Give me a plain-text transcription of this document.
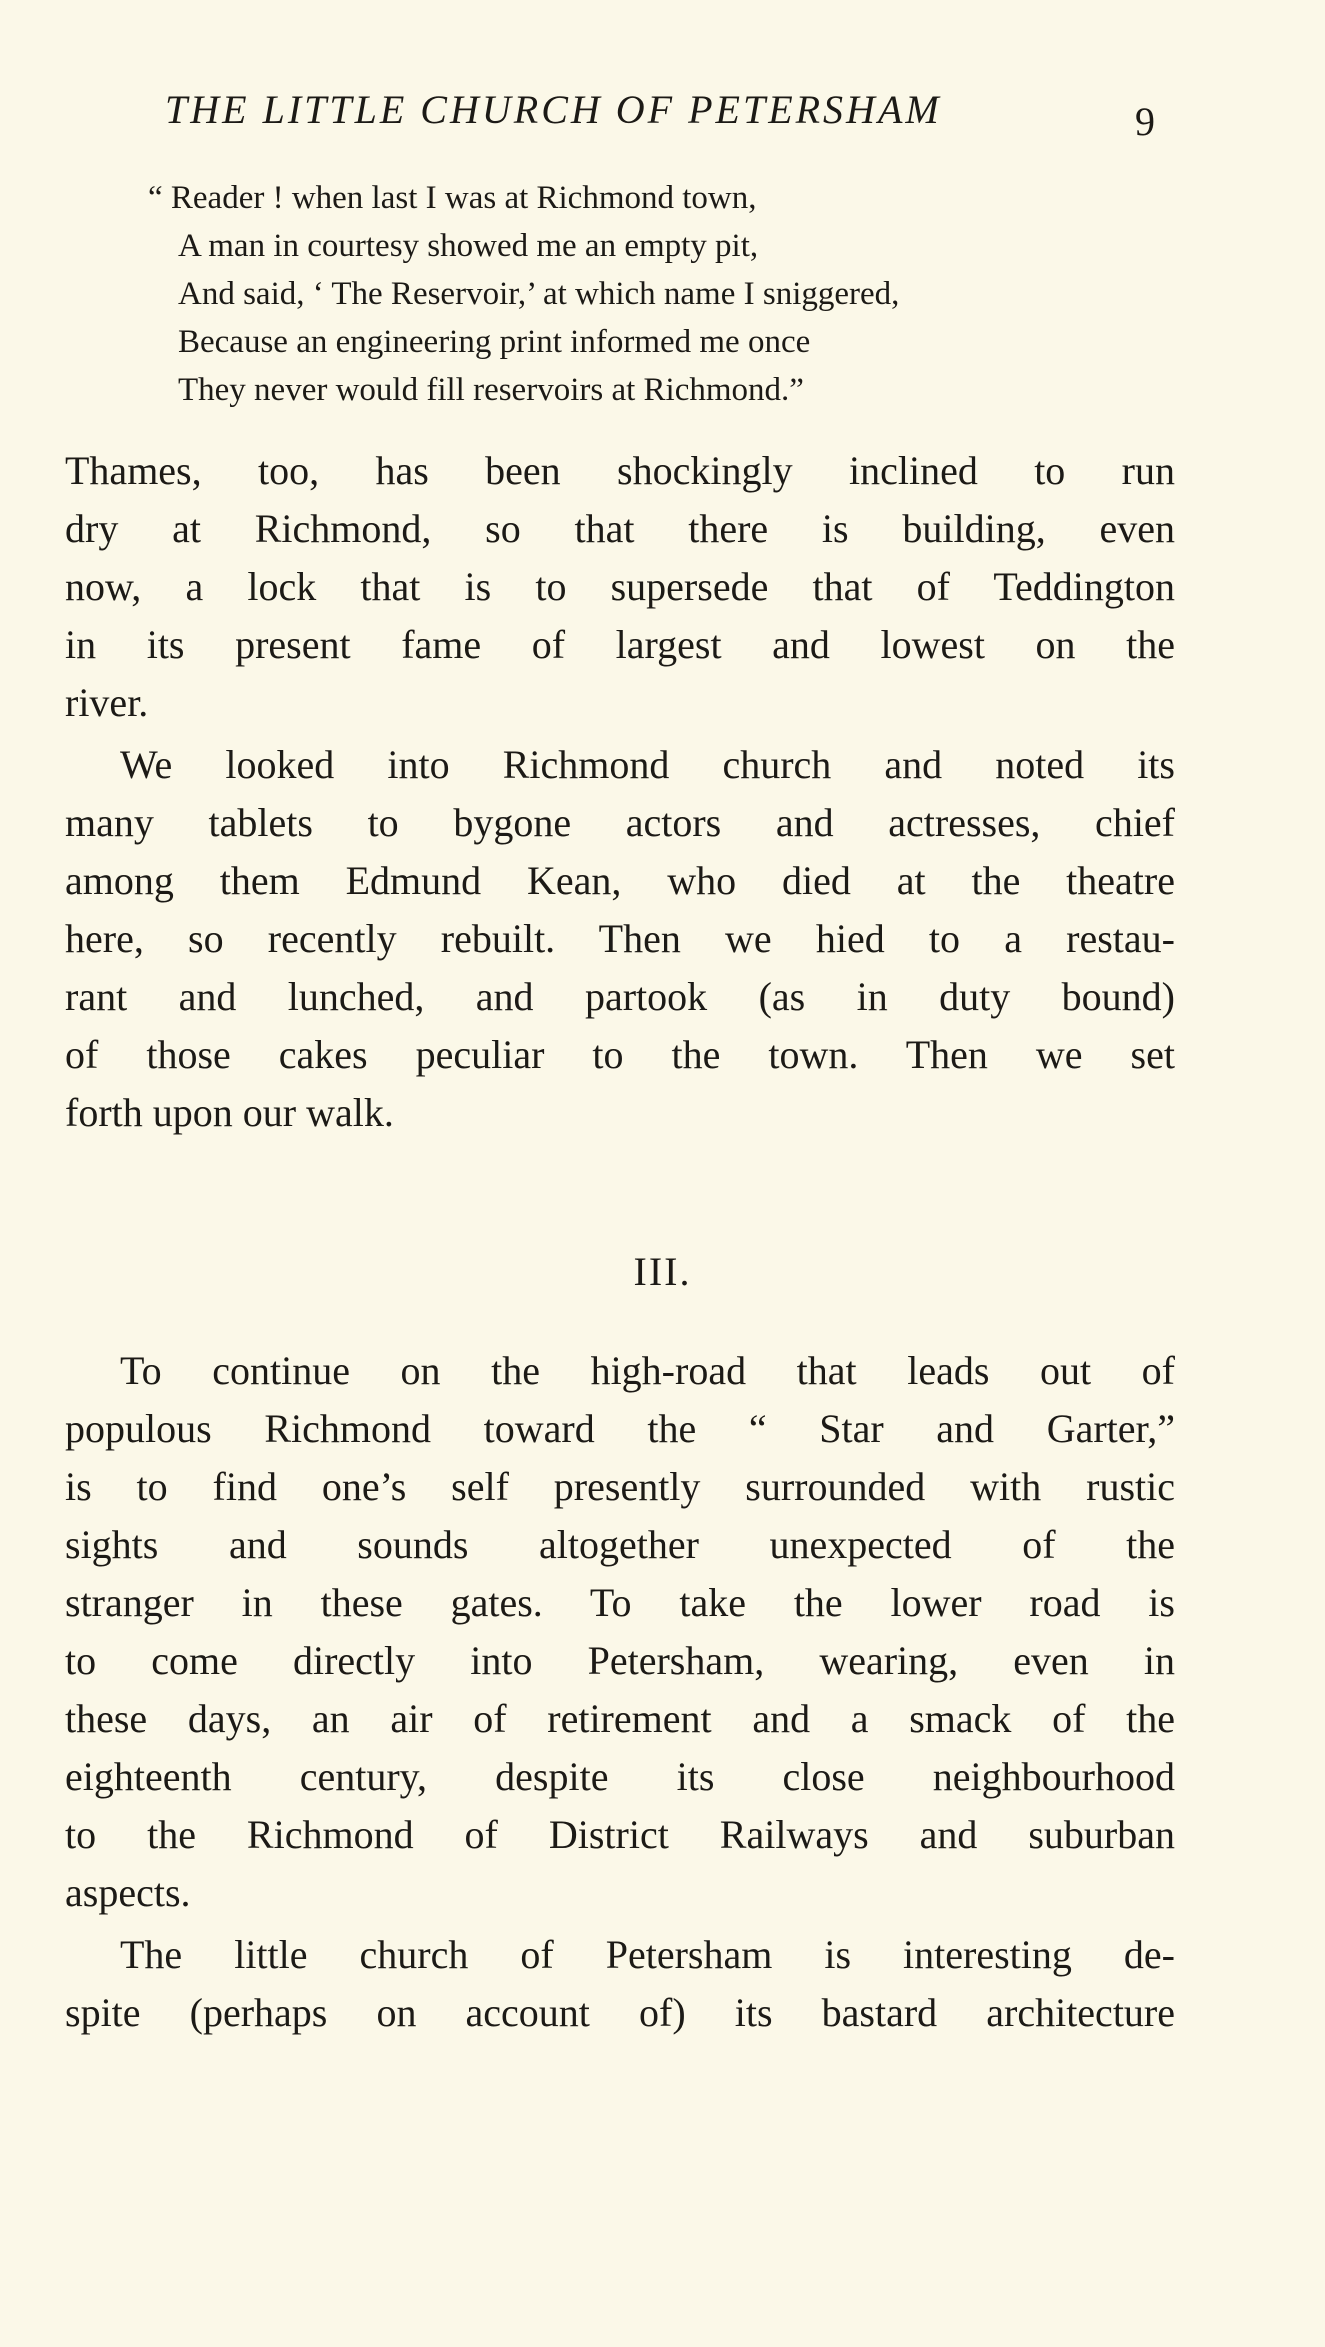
THE LITTLE CHURCH OF PETERSHAM	9
“ Reader ! when last I was at Richmond town,
A man in courtesy showed me an empty pit,
And said, ‘ The Reservoir,’ at which name I sniggered,
Because an engineering print informed me once
They never would fill reservoirs at Richmond.”
Thames, too, has been shockingly inclined to run
dry at Richmond, so that there is building, even
now, a lock that is to supersede that of Teddington
in its present fame of largest and lowest on the
river.
We looked into Richmond church and noted its
many tablets to bygone actors and actresses, chief
among them Edmund Kean, who died at the theatre
here, so recently rebuilt. Then we hied to a restau-
rant and lunched, and partook (as in duty bound)
of those cakes peculiar to the town. Then we set
forth upon our walk.
III.
To continue on the high-road that leads out of
populous Richmond toward the “ Star and Garter,”
is to find one’s self presently surrounded with rustic
sights and sounds altogether unexpected of the
stranger in these gates. To take the lower road is
to come directly into Petersham, wearing, even in
these days, an air of retirement and a smack of the
eighteenth century, despite its close neighbourhood
to the Richmond of District Railways and suburban
aspects.
The little church of Petersham is interesting de-
spite (perhaps on account of) its bastard architecture
